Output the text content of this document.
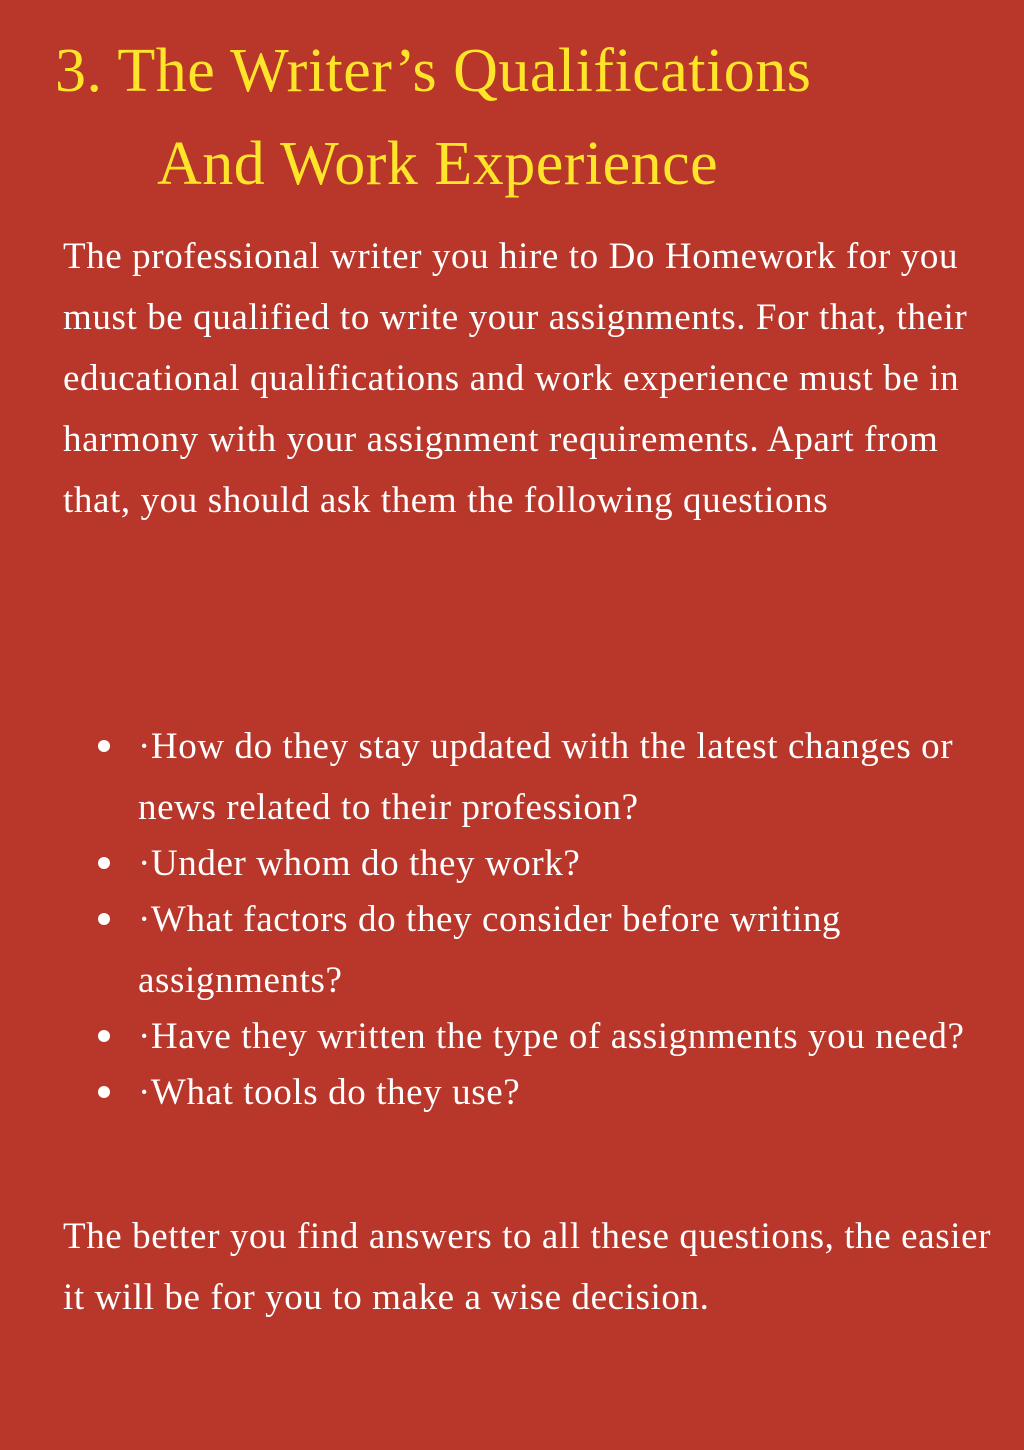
3. The Writer’s Qualifications
And Work Experience

The professional writer you hire to Do Homework for you must be qualified to write your assignments. For that, their educational qualifications and work experience must be in harmony with your assignment requirements. Apart from that, you should ask them the following questions

·How do they stay updated with the latest changes or news related to their profession?
·Under whom do they work?
·What factors do they consider before writing assignments?
·Have they written the type of assignments you need?
·What tools do they use?

The better you find answers to all these questions, the easier it will be for you to make a wise decision.
